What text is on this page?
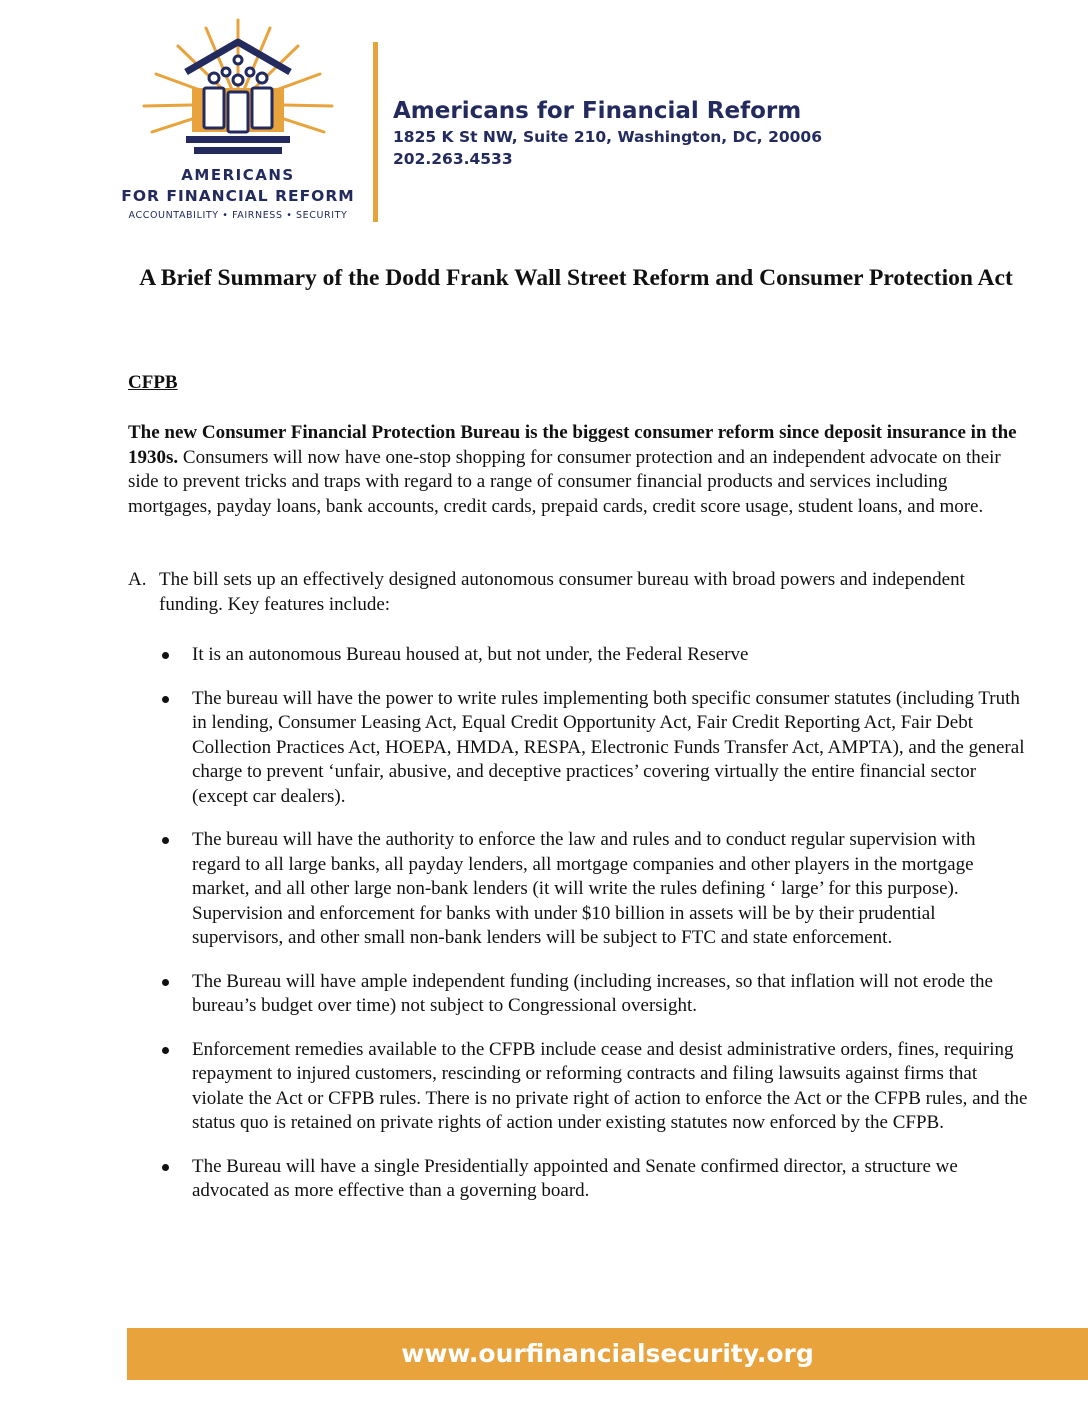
AMERICANS
FOR FINANCIAL REFORM
ACCOUNTABILITY • FAIRNESS • SECURITY
Americans for Financial Reform
1825 K St NW, Suite 210, Washington, DC, 20006
202.263.4533
A Brief Summary of the Dodd Frank Wall Street Reform and Consumer Protection Act
CFPB

The new Consumer Financial Protection Bureau is the biggest consumer reform since deposit insurance in the 1930s. Consumers will now have one-stop shopping for consumer protection and an independent advocate on their side to prevent tricks and traps with regard to a range of consumer financial products and services including mortgages, payday loans, bank accounts, credit cards, prepaid cards, credit score usage, student loans, and more.

A. The bill sets up an effectively designed autonomous consumer bureau with broad powers and independent funding. Key features include:
It is an autonomous Bureau housed at, but not under, the Federal Reserve
The bureau will have the power to write rules implementing both specific consumer statutes (including Truth in lending, Consumer Leasing Act, Equal Credit Opportunity Act, Fair Credit Reporting Act, Fair Debt Collection Practices Act, HOEPA, HMDA, RESPA, Electronic Funds Transfer Act, AMPTA), and the general charge to prevent ‘unfair, abusive, and deceptive practices’ covering virtually the entire financial sector (except car dealers).
The bureau will have the authority to enforce the law and rules and to conduct regular supervision with regard to all large banks, all payday lenders, all mortgage companies and other players in the mortgage market, and all other large non-bank lenders (it will write the rules defining ‘ large’ for this purpose). Supervision and enforcement for banks with under $10 billion in assets will be by their prudential supervisors, and other small non-bank lenders will be subject to FTC and state enforcement.
The Bureau will have ample independent funding (including increases, so that inflation will not erode the bureau’s budget over time) not subject to Congressional oversight.
Enforcement remedies available to the CFPB include cease and desist administrative orders, fines, requiring repayment to injured customers, rescinding or reforming contracts and filing lawsuits against firms that violate the Act or CFPB rules. There is no private right of action to enforce the Act or the CFPB rules, and the status quo is retained on private rights of action under existing statutes now enforced by the CFPB.
The Bureau will have a single Presidentially appointed and Senate confirmed director, a structure we advocated as more effective than a governing board.
www.ourfinancialsecurity.org
